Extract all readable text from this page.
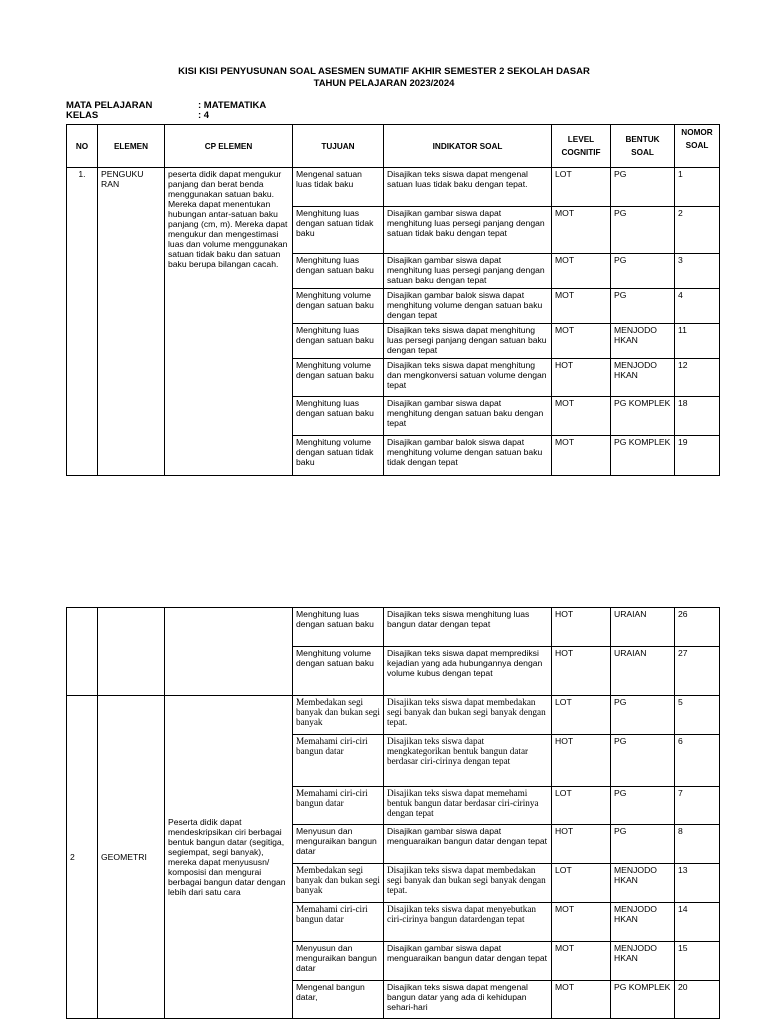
KISI KISI PENYUSUNAN SOAL ASESMEN SUMATIF AKHIR SEMESTER 2 SEKOLAH DASAR
TAHUN PELAJARAN 2023/2024
MATA PELAJARAN	: MATEMATIKA
KELAS	: 4
NO	ELEMEN	CP ELEMEN	TUJUAN	INDIKATOR SOAL	LEVEL COGNITIF	BENTUK SOAL	NOMOR SOAL
1.	PENGUKU RAN	peserta didik dapat mengukur panjang dan berat benda menggunakan satuan baku. Mereka dapat menentukan hubungan antar-satuan baku panjang (cm, m). Mereka dapat mengukur dan mengestimasi luas dan volume menggunakan satuan tidak baku dan satuan baku berupa bilangan cacah.	Mengenal satuan luas tidak baku	Disajikan teks siswa dapat mengenal satuan luas tidak baku dengan tepat.	LOT	PG	1
			Menghitung luas dengan satuan tidak baku	Disajikan gambar siswa dapat menghitung luas persegi panjang dengan satuan tidak baku dengan tepat	MOT	PG	2
			Menghitung luas dengan satuan baku	Disajikan gambar siswa dapat menghitung luas persegi panjang dengan satuan baku dengan tepat	MOT	PG	3
			Menghitung volume dengan satuan baku	Disajikan gambar balok siswa dapat menghitung volume dengan satuan baku dengan tepat	MOT	PG	4
			Menghitung luas dengan satuan baku	Disajikan teks siswa dapat menghitung luas persegi panjang dengan satuan baku dengan tepat	MOT	MENJODO HKAN	11
			Menghitung volume dengan satuan baku	Disajikan teks siswa dapat menghitung dan mengkonversi satuan volume dengan tepat	HOT	MENJODO HKAN	12
			Menghitung luas dengan satuan baku	Disajikan gambar siswa dapat menghitung dengan satuan baku dengan tepat	MOT	PG KOMPLEK	18
			Menghitung volume dengan satuan tidak baku	Disajikan gambar balok siswa dapat menghitung volume dengan satuan baku tidak dengan tepat	MOT	PG KOMPLEK	19
			Menghitung luas dengan satuan baku	Disajikan teks siswa menghitung luas bangun datar dengan tepat	HOT	URAIAN	26
			Menghitung volume dengan satuan baku	Disajikan teks siswa dapat memprediksi kejadian yang ada hubungannya dengan volume kubus dengan tepat	HOT	URAIAN	27
2	GEOMETRI	Peserta didik dapat mendeskripsikan ciri berbagai bentuk bangun datar (segitiga, segiempat, segi banyak), mereka dapat menyususn/ komposisi dan mengurai berbagai bangun datar dengan lebih dari satu cara	Membedakan segi banyak dan bukan segi banyak	Disajikan teks siswa dapat membedakan segi banyak dan bukan segi banyak dengan tepat.	LOT	PG	5
			Memahami ciri-ciri bangun datar	Disajikan teks siswa dapat mengkategorikan bentuk bangun datar berdasar ciri-cirinya dengan tepat	HOT	PG	6
			Memahami ciri-ciri bangun datar	Disajikan teks siswa dapat memehami bentuk bangun datar berdasar ciri-cirinya dengan tepat	LOT	PG	7
			Menyusun dan menguraikan bangun datar	Disajikan gambar siswa dapat menguaraikan bangun datar dengan tepat	HOT	PG	8
			Membedakan segi banyak dan bukan segi banyak	Disajikan teks siswa dapat membedakan segi banyak dan bukan segi banyak dengan tepat.	LOT	MENJODO HKAN	13
			Memahami ciri-ciri bangun datar	Disajikan teks siswa dapat menyebutkan ciri-cirinya bangun datardengan tepat	MOT	MENJODO HKAN	14
			Menyusun dan menguraikan bangun datar	Disajikan gambar siswa dapat menguaraikan bangun datar dengan tepat	MOT	MENJODO HKAN	15
			Mengenal bangun datar,	Disajikan teks siswa dapat mengenal bangun datar yang ada di kehidupan sehari-hari	MOT	PG KOMPLEK	20
